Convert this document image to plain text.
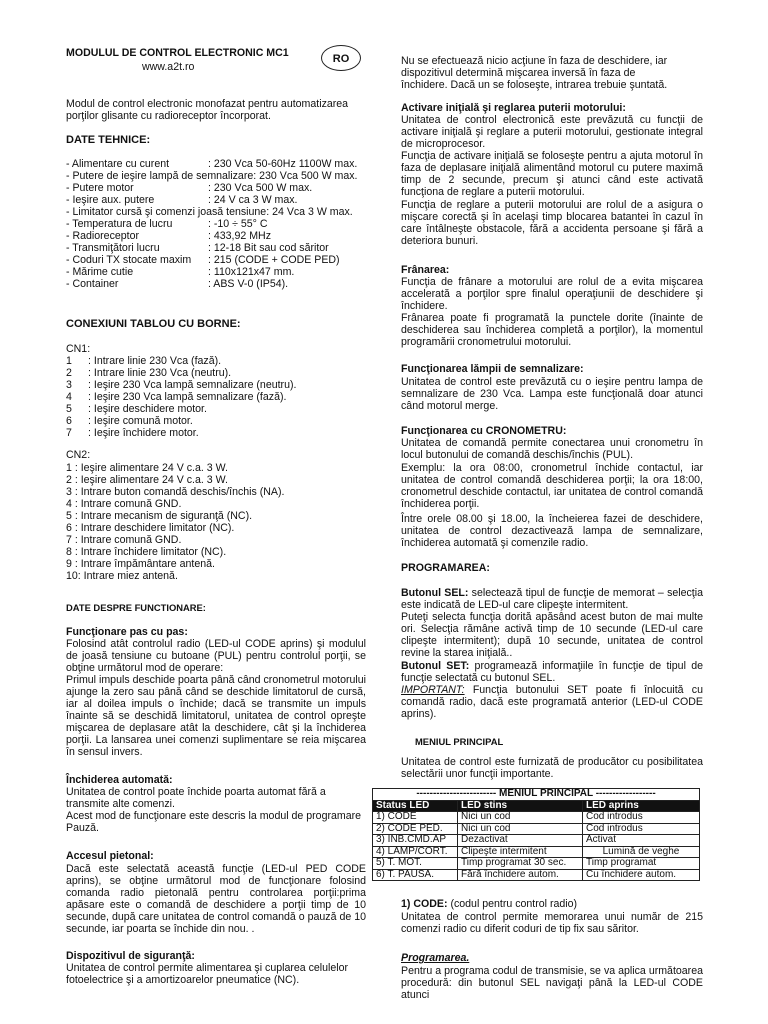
MODULUL DE CONTROL ELECTRONIC MC1
www.a2t.ro
RO

Modul de control electronic monofazat pentru automatizarea porţilor glisante cu radioreceptor încorporat.

DATE TEHNICE:

- Alimentare cu curent	: 230 Vca 50-60Hz 1100W max.
- Putere de ieşire lampă de semnalizare : 230 Vca 500 W max.
- Putere motor	: 230 Vca 500 W max.
- Ieşire aux. putere	: 24 V ca 3 W max.
- Limitator cursă şi comenzi joasă tensiune : 24 Vca 3 W max.
- Temperatura de lucru	: -10 ÷ 55° C
- Radioreceptor	: 433,92 MHz
- Transmiţători lucru	: 12-18 Bit sau cod săritor
- Coduri TX stocate maxim	: 215 (CODE + CODE PED)
- Mărime cutie	: 110x121x47 mm.
- Container	: ABS V-0 (IP54).

CONEXIUNI TABLOU CU BORNE:

CN1:

1	: Intrare linie 230 Vca (fază).
2	: Intrare linie 230 Vca (neutru).
3	: Ieşire 230 Vca lampă semnalizare (neutru).
4	: Ieşire 230 Vca lampă semnalizare (fază).
5	: Ieşire deschidere motor.
6	: Ieşire comună motor.
7	: Ieşire închidere motor.

CN2:

1 : Ieşire alimentare 24 V c.a. 3 W.
2 : Ieşire alimentare 24 V c.a. 3 W.
3 : Intrare buton comandă deschis/închis (NA).
4 : Intrare comună GND.
5 : Intrare mecanism de siguranţă (NC).
6 : Intrare deschidere limitator (NC).
7 : Intrare comună GND.
8 : Intrare închidere limitator (NC).
9 : Intrare împământare antenă.
10: Intrare miez antenă.

DATE DESPRE FUNCTIONARE:

Funcţionare pas cu pas:

Folosind atât controlul radio (LED-ul CODE aprins) şi modulul de joasă tensiune cu butoane (PUL) pentru controlul porţii, se obţine următorul mod de operare:

Primul impuls deschide poarta până când cronometrul motorului ajunge la zero sau până când se deschide limitatorul de cursă, iar al doilea impuls o închide; dacă se transmite un impuls înainte să se deschidă limitatorul, unitatea de control opreşte mişcarea de deplasare atât la deschidere, cât şi la închiderea porţii. La lansarea unei comenzi suplimentare se reia mişcarea în sensul invers.

Închiderea automată:

Unitatea de control poate închide poarta automat fără a transmite alte comenzi.

Acest mod de funcţionare este descris la modul de programare Pauză.

Accesul pietonal:

Dacă este selectată această funcţie (LED-ul PED CODE aprins), se obţine următorul mod de funcţionare folosind comanda radio pietonală pentru controlarea porţii:prima apăsare este o comandă de deschidere a porţii timp de 10 secunde, după care unitatea de control comandă o pauză de 10 secunde, iar poarta se închide din nou. .

Dispozitivul de siguranţă:

Unitatea de control permite alimentarea şi cuplarea celulelor fotoelectrice şi a amortizoarelor pneumatice (NC).

Nu se efectuează nicio acţiune în faza de deschidere, iar dispozitivul determină mişcarea inversă în faza de închidere. Dacă un se foloseşte, intrarea trebuie şuntată.

Activare iniţială şi reglarea puterii motorului:

Unitatea de control electronică este prevăzută cu funcţii de activare iniţială şi reglare a puterii motorului, gestionate integral de microprocesor.

Funcţia de activare iniţială se foloseşte pentru a ajuta motorul în faza de deplasare iniţială alimentând motorul cu putere maximă timp de 2 secunde, precum şi atunci când este activată funcţiona de reglare a puterii motorului.

Funcţia de reglare a puterii motorului are rolul de a asigura o mişcare corectă şi în acelaşi timp blocarea batantei în cazul în care întâlneşte obstacole, fără a accidenta persoane şi fără a deteriora bunuri.

Frânarea:

Funcţia de frânare a motorului are rolul de a evita mişcarea accelerată a porţilor spre finalul operaţiunii de deschidere şi închidere.

Frânarea poate fi programată la punctele dorite (înainte de deschiderea sau închiderea completă a porţilor), la momentul programării cronometrului motorului.

Funcţionarea lămpii de semnalizare:

Unitatea de control este prevăzută cu o ieşire pentru lampa de semnalizare de 230 Vca. Lampa este funcţională doar atunci când motorul merge.

Funcţionarea cu CRONOMETRU:

Unitatea de comandă permite conectarea unui cronometru în locul butonului de comandă deschis/închis (PUL).

Exemplu: la ora 08:00, cronometrul închide contactul, iar unitatea de control comandă deschiderea porţii; la ora 18:00, cronometrul deschide contactul, iar unitatea de control comandă închiderea porţii.

Între orele 08.00 şi 18.00, la încheierea fazei de deschidere, unitatea de control dezactivează lampa de semnalizare, închiderea automată şi comenzile radio.

PROGRAMAREA:

Butonul SEL: selectează tipul de funcţie de memorat – selecţia este indicată de LED-ul care clipeşte intermitent.

Puteţi selecta funcţia dorită apăsând acest buton de mai multe ori. Selecţia rămâne activă timp de 10 secunde (LED-ul care clipeşte intermitent); după 10 secunde, unitatea de control revine la starea iniţială..

Butonul SET: programează informaţiile în funcţie de tipul de funcţie selectată cu butonul SEL.

IMPORTANT: Funcţia butonului SET poate fi înlocuită cu comandă radio, dacă este programată anterior (LED-ul CODE aprins).

MENIUL PRINCIPAL

Unitatea de control este furnizată de producător cu posibilitatea selectării unor funcţii importante.

1) CODE: (codul pentru control radio)

Unitatea de control permite memorarea unui număr de 215 comenzi radio cu diferit coduri de tip fix sau săritor.

Programarea.

Pentru a programa codul de transmisie, se va aplica următoarea procedură: din butonul SEL navigaţi până la LED-ul CODE atunci

------------------------ MENIUL PRINCIPAL ------------------		
Status LED	LED stins	LED aprins
1) CODE	Nici un cod	Cod introdus
2) CODE PED.	Nici un cod	Cod introdus
3) INB.CMD.AP	Dezactivat	Activat
4) LAMP/CORT.	Clipeşte intermitent	Lumină de veghe
5) T. MOT.	Timp programat 30 sec.	Timp programat
6) T. PAUSA.	Fără închidere autom.	Cu închidere autom.
